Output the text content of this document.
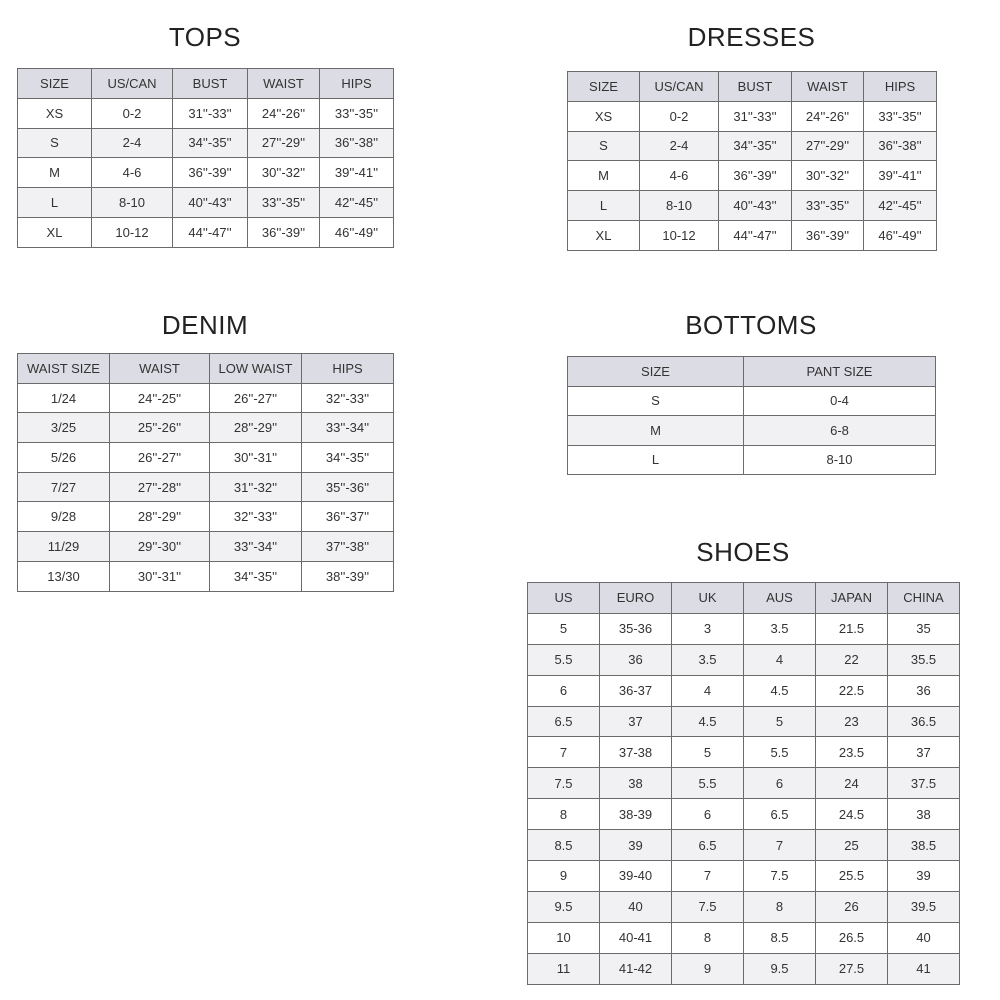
TOPS
SIZE	US/CAN	BUST	WAIST	HIPS
XS	0-2	31''-33''	24''-26''	33''-35''
S	2-4	34''-35''	27''-29''	36''-38''
M	4-6	36''-39''	30''-32''	39''-41''
L	8-10	40''-43''	33''-35''	42''-45''
XL	10-12	44''-47''	36''-39''	46''-49''
DRESSES
SIZE	US/CAN	BUST	WAIST	HIPS
XS	0-2	31''-33''	24''-26''	33''-35''
S	2-4	34''-35''	27''-29''	36''-38''
M	4-6	36''-39''	30''-32''	39''-41''
L	8-10	40''-43''	33''-35''	42''-45''
XL	10-12	44''-47''	36''-39''	46''-49''
DENIM
WAIST SIZE	WAIST	LOW WAIST	HIPS
1/24	24''-25''	26''-27''	32''-33''
3/25	25''-26''	28''-29''	33''-34''
5/26	26''-27''	30''-31''	34''-35''
7/27	27''-28''	31''-32''	35''-36''
9/28	28''-29''	32''-33''	36''-37''
11/29	29''-30''	33''-34''	37''-38''
13/30	30''-31''	34''-35''	38''-39''
BOTTOMS
SIZE	PANT SIZE
S	0-4
M	6-8
L	8-10
SHOES
US	EURO	UK	AUS	JAPAN	CHINA
5	35-36	3	3.5	21.5	35
5.5	36	3.5	4	22	35.5
6	36-37	4	4.5	22.5	36
6.5	37	4.5	5	23	36.5
7	37-38	5	5.5	23.5	37
7.5	38	5.5	6	24	37.5
8	38-39	6	6.5	24.5	38
8.5	39	6.5	7	25	38.5
9	39-40	7	7.5	25.5	39
9.5	40	7.5	8	26	39.5
10	40-41	8	8.5	26.5	40
11	41-42	9	9.5	27.5	41
